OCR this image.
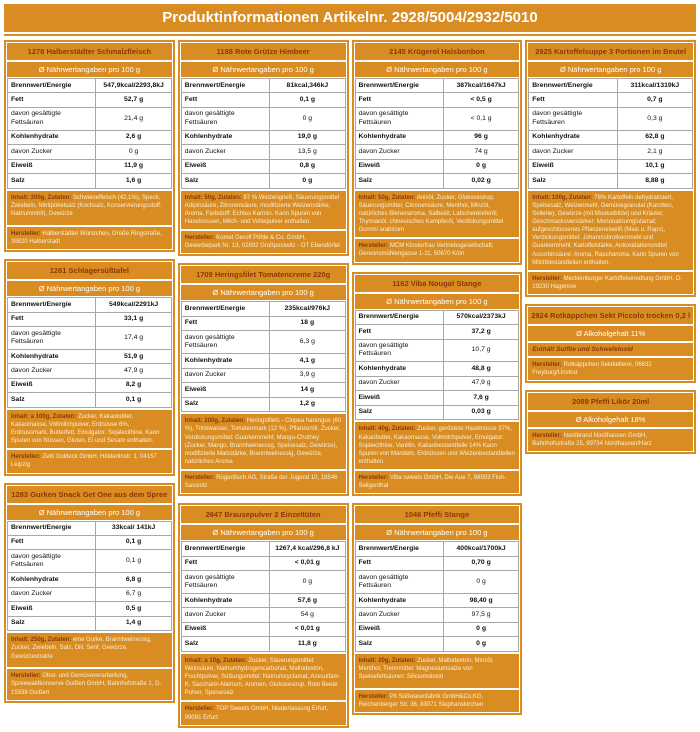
Produktinformationen Artikelnr. 2928/5004/2932/5010
1278 Halberstädter Schmalzfleisch
Ø Nährwertangaben pro 100 g
Brennwert/Energie	547,9kcal/2293,8kJ
Fett	52,7 g
davon gesättigte Fettsäuren	21,4 g
Kohlenhydrate	2,6 g
davon Zucker	0 g
Eiweiß	11,9 g
Salz	1,6 g
Inhalt: 300g, Zutaten: Schweinefleisch (42,1%), Speck, Zwiebeln, Nitritpökelsalz (Kochsalz, Konservierungsstoff: Natriumnitrit), Gewürze
Hersteller: Halberstädter Würstchen, Große Ringstraße, 38820 Halberstadt
1261 Schlagersüßtafel
Ø Nährwertangaben pro 100 g
Brennwert/Energie	549kcal/2291kJ
Fett	33,1 g
davon gesättigte Fettsäuren	17,4 g
Kohlenhydrate	51,9 g
davon Zucker	47,9 g
Eiweiß	8,2 g
Salz	0,1 g
Inhalt: a 100g, Zutaten: Zucker, Kakaobutter, Kakaomasse, Vollmilchpulver, Erdnüsse 6%, Erdnussmark, Butterfett, Emulgator: Sojalecithine. Kann Spuren von Nüssen, Gluten, Ei und Sesam enthalten.
Hersteller: Zetti Goldeck GmbH, Hölderlinstr. 1, 04157 Leipzig
1283 Gurken Snack Get One aus dem Spree
Ø Nährwertangaben pro 100 g
Brennwert/Energie	33kcal/ 141kJ
Fett	0,1 g
davon gesättigte Fettsäuren	0,1 g
Kohlenhydrate	6,8 g
davon Zucker	6,7 g
Eiweiß	0,5 g
Salz	1,4 g
Inhalt: 250g, Zutaten: eine Gurke, Branntweinessig, Zucker, Zwiebeln, Salz, Dill, Senf, Gewürze, Gewürzextrakte
Hersteller: Obst- und Gemüseverarbeitung, Spreewaldkonserve Golßen GmbH, Bahnhofstraße 1, D-15938 Golßen
1188 Rote Grütze Himbeer
Ø Nährwertangaben pro 100 g
Brennwert/Energie	81kcal,346kJ
Fett	0,1 g
davon gesättigte Fettsäuren	0 g
Kohlenhydrate	19,0 g
davon Zucker	13,5 g
Eiweiß	0,8 g
Salz	0 g
Inhalt: 50g, Zutaten: 97 % Weizengrieß, Säuerungsmittel Adipinsäure, Zitronensäure, modifizierte Weizenstärke, Aroma, Farbstoff: Echtes Karmin. Kann Spuren von Haselnüssen, Milch- und Volleipulver enthalten.
Hersteller: Komet Gerolf Pöhle & Co. GmbH, Gewerbepark Nr. 13, 02692 Großpostwitz - OT Ebendörfel
1709 Heringsfilet Tomatencreme 220g
Ø Nährwertangaben pro 100 g
Brennwert/Energie	235kcal/976kJ
Fett	18 g
davon gesättigte Fettsäuren	6,3 g
Kohlenhydrate	4,1 g
davon Zucker	3,9 g
Eiweiß	14 g
Salz	1,2 g
Inhalt: 200g, Zutaten: Heringsfilets - Clupea harengus (60 %), Trinkwasser, Tomatenmark (12 %), Pflanzenöl, Zucker, Verdickungsmittel: Guarkernmehl; Mango-Chutney (Zucker, Mango, Branntweinessig, Speisesalz, Gewürze), modifizierte Maisstärke, Branntweinessig, Gewürze, natürliches Aroma
Hersteller: Rügenfisch AG, Straße der Jugend 10, 18546 Sassnitz
2647 Brausepulver 2 Einzeltüten
Ø Nährwertangaben pro 100 g
Brennwert/Energie	1267,4 kcal/296,8 kJ
Fett	< 0,01 g
davon gesättigte Fettsäuren	0 g
Kohlenhydrate	57,6 g
davon Zucker	54 g
Eiweiß	< 0,01 g
Salz	11,8 g
Inhalt: a 10g, Zutaten: Zucker, Säuerungsmittel: Weinsäure, Natriumhydrogencarbonat, Maltodextrin, Fruchtpulver, Süßungsmittel: Natriumcyclamat, Acesulfam-K, Saccharin-Natrium, Aromen, Glukosesirup, Rote Beete Pulver, Speisesalz
Hersteller: TOP Sweets GmbH, Niederlassung Erfurt, 99091 Erfurt
2145 Krügerol Halsbonbon
Ø Nährwertangaben pro 100 g
Brennwert/Energie	387kcal/1647kJ
Fett	< 0,5 g
davon gesättigte Fettsäuren	< 0,1 g
Kohlenhydrate	96 g
davon Zucker	74 g
Eiweiß	0 g
Salz	0,02 g
Inhalt: 50g, Zutaten: Anisöl, Zucker, Glukosesirup, Säuerungsmittel, Citronensäure, Menthol, Minzöl, natürliches Bienenaroma, Salbeiöl, Latschenkieferöl, Thymianöl, chinesisches Kampferöl, Verdickungsmittel Gummi arabicum
Hersteller: MCM Klosterfrau Vertriebsgesellschaft, Gereonsmühlengasse 1-11, 50670 Köln
1162 Viba Nougat Stange
Ø Nährwertangaben pro 100 g
Brennwert/Energie	570kcal/2373kJ
Fett	37,2 g
davon gesättigte Fettsäuren	10,7 g
Kohlenhydrate	48,8 g
davon Zucker	47,9 g
Eiweiß	7,6 g
Salz	0,03 g
Inhalt: 40g, Zutaten: Zucker, geröstete Haselnüsse 37%, Kakaobutter, Kakaomasse, Vollmilchpulver, Emulgator: Sojalecithine, Vanillin. Kakaobestandteile 14% Kann Spuren von Mandeln, Erdnüssen und Weizenbestandteilen enthalten.
Hersteller: Viba sweets GmbH, Die Aue 7, 98593 Floh-Seligenthal
1046 Pfeffi Stange
Ø Nährwertangaben pro 100 g
Brennwert/Energie	400kcal/1700kJ
Fett	0,70 g
davon gesättigte Fettsäuren	0 g
Kohlenhydrate	98,40 g
davon Zucker	97,5 g
Eiweiß	0 g
Salz	0 g
Inhalt: 20g, Zutaten: Zucker, Maltodextrin, Minzöl, Menthol, Trennmittel: Magnesiumsalze von Speisefettsäuren: Siliciumdioxid
Hersteller: Pit Süßwarenfabrik GmbH&Co.KG, Reichenberger Str. 36, 83071 Stephanskirchen
2925 Kartoffelsuppe 3 Portionen im Beutel
Ø Nährwertangaben pro 100 g
Brennwert/Energie	311kcal/1319kJ
Fett	0,7 g
davon gesättigte Fettsäuren	0,3 g
Kohlenhydrate	62,8 g
davon Zucker	2,1 g
Eiweiß	10,1 g
Salz	8,88 g
Inhalt: 100g, Zutaten: 78% Kartoffeln dehydratisiert, Speisesalz, Weizenmehl, Gemüsegranulat (Karotten, Sellerie), Gewürze (mit Muskatblüte) und Kräuter, Geschmacksverstärker: Mononatriumglutamat; aufgeschlossenes Pflanzeneiweiß (Mais u. Raps), Verdickungsmittel: Johannisbrotkernmehl und Guarkernmehl; Kartoffelstärke, Antioxidationsmittel Ascorbinsäure: Aroma, Raucharoma. Kann Spuren von Milchbestandteilen enthalten.
Hersteller: Mecklenburger Kartoffelveredlung GmbH, D-19230 Hagenow
2924 Rotkäppchen Sekt Piccolo trocken 0,2 l
Ø Alkoholgehalt 11%
Enthält Sulfite und Schwefeloxid
Hersteller: Rotkäppchen Sektkellerei, 06632 Freyburg/Unstrut
2089 Pfeffi Likör 20ml
Ø Alkoholgehalt 18%
Hersteller: Nordbrand Nordhausen GmbH, Bahnhofsstraße 25, 99734 Nordhausen/Harz
